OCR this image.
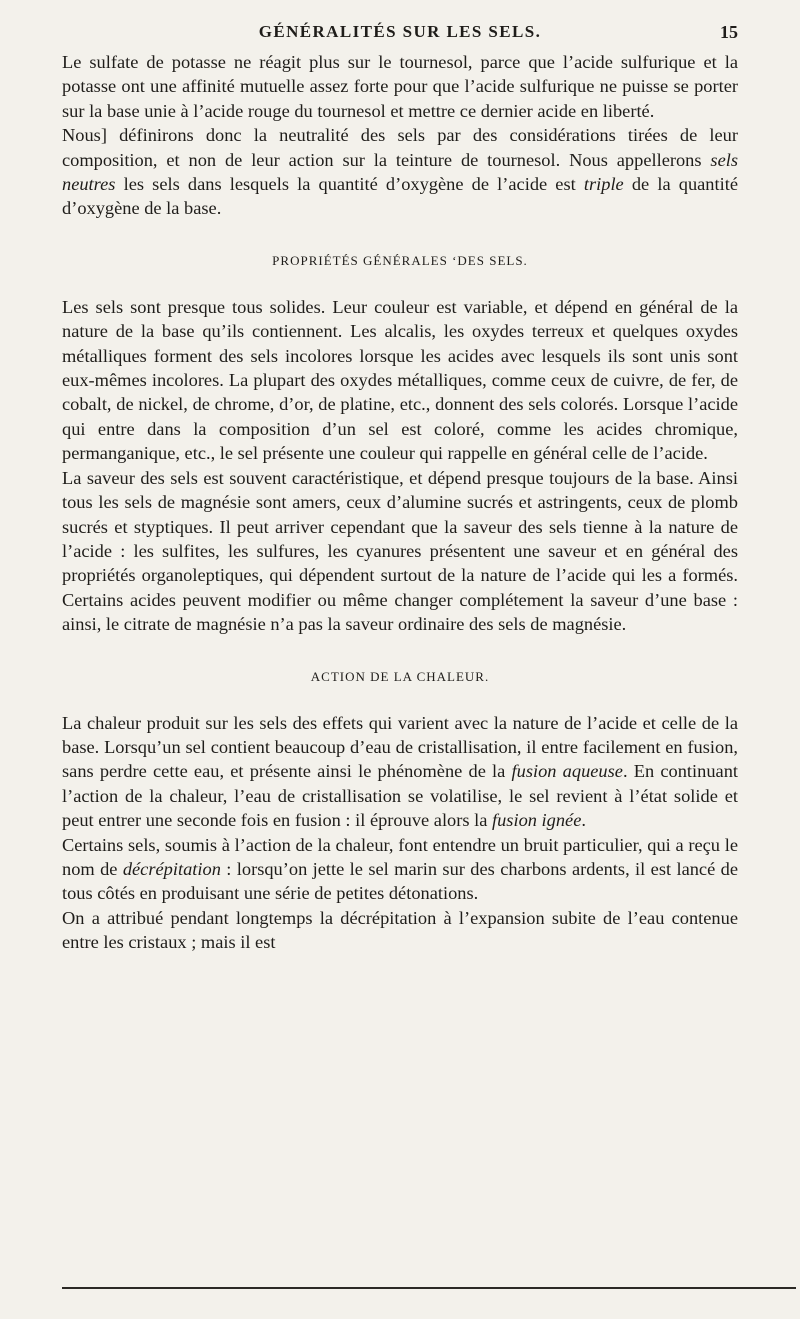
GÉNÉRALITÉS SUR LES SELS.	15

Le sulfate de potasse ne réagit plus sur le tournesol, parce que l’acide sulfurique et la potasse ont une affinité mutuelle assez forte pour que l’acide sulfurique ne puisse se porter sur la base unie à l’acide rouge du tournesol et mettre ce dernier acide en liberté.

Nous] définirons donc la neutralité des sels par des considérations tirées de leur composition, et non de leur action sur la teinture de tournesol. Nous appellerons sels neutres les sels dans lesquels la quantité d’oxygène de l’acide est triple de la quantité d’oxygène de la base.

PROPRIÉTÉS GÉNÉRALES ‘DES SELS.

Les sels sont presque tous solides. Leur couleur est variable, et dépend en général de la nature de la base qu’ils contiennent. Les alcalis, les oxydes terreux et quelques oxydes métalliques forment des sels incolores lorsque les acides avec lesquels ils sont unis sont eux-mêmes incolores. La plupart des oxydes métalliques, comme ceux de cuivre, de fer, de cobalt, de nickel, de chrome, d’or, de platine, etc., donnent des sels colorés. Lorsque l’acide qui entre dans la composition d’un sel est coloré, comme les acides chromique, permanganique, etc., le sel présente une couleur qui rappelle en général celle de l’acide.

La saveur des sels est souvent caractéristique, et dépend presque toujours de la base. Ainsi tous les sels de magnésie sont amers, ceux d’alumine sucrés et astringents, ceux de plomb sucrés et styptiques. Il peut arriver cependant que la saveur des sels tienne à la nature de l’acide : les sulfites, les sulfures, les cyanures présentent une saveur et en général des propriétés organoleptiques, qui dépendent surtout de la nature de l’acide qui les a formés. Certains acides peuvent modifier ou même changer complétement la saveur d’une base : ainsi, le citrate de magnésie n’a pas la saveur ordinaire des sels de magnésie.

ACTION DE LA CHALEUR.

La chaleur produit sur les sels des effets qui varient avec la nature de l’acide et celle de la base. Lorsqu’un sel contient beaucoup d’eau de cristallisation, il entre facilement en fusion, sans perdre cette eau, et présente ainsi le phénomène de la fusion aqueuse. En continuant l’action de la chaleur, l’eau de cristallisation se volatilise, le sel revient à l’état solide et peut entrer une seconde fois en fusion : il éprouve alors la fusion ignée.

Certains sels, soumis à l’action de la chaleur, font entendre un bruit particulier, qui a reçu le nom de décrépitation : lorsqu’on jette le sel marin sur des charbons ardents, il est lancé de tous côtés en produisant une série de petites détonations.

On a attribué pendant longtemps la décrépitation à l’expansion subite de l’eau contenue entre les cristaux ; mais il est
